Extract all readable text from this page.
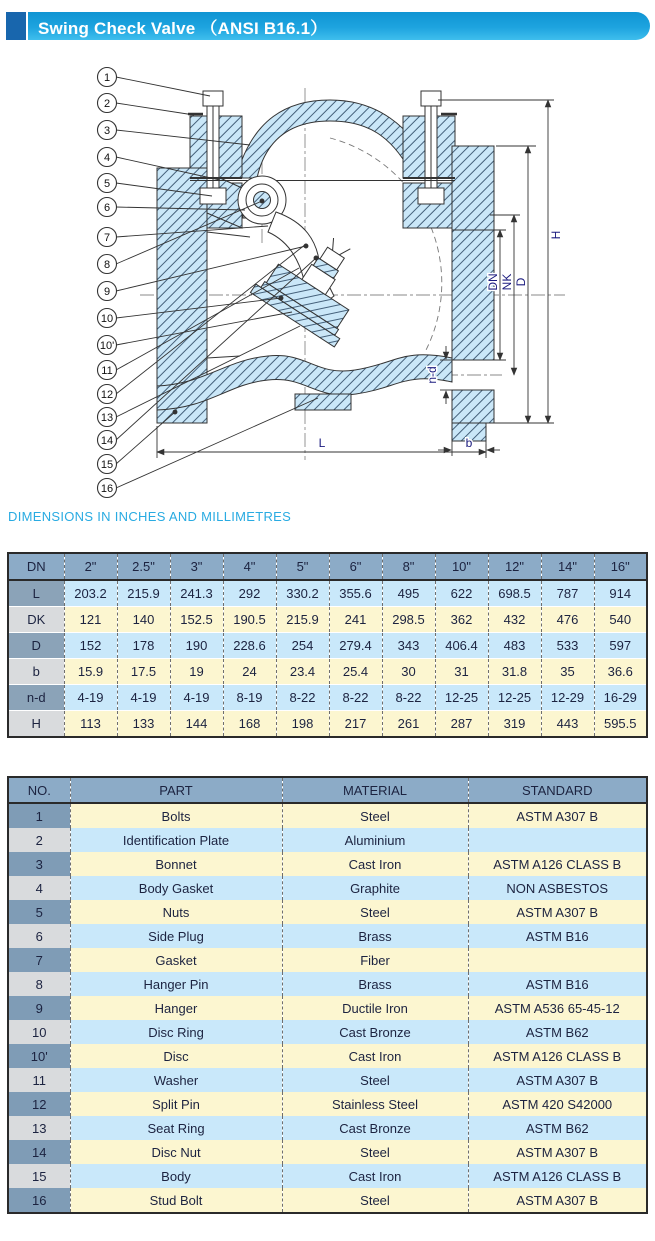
Swing Check Valve （ANSI B16.1）
H
D
NK
DN
n-d
b
L
1
2
3
4
5
6
7
8
9
10
10'
11
12
13
14
15
16
DIMENSIONS IN INCHES AND MILLIMETRES
DN	2"	2.5"	3"	4"	5"	6"	8"	10"	12"	14"	16"
L	203.2	215.9	241.3	292	330.2	355.6	495	622	698.5	787	914
DK	121	140	152.5	190.5	215.9	241	298.5	362	432	476	540
D	152	178	190	228.6	254	279.4	343	406.4	483	533	597
b	15.9	17.5	19	24	23.4	25.4	30	31	31.8	35	36.6
n-d	4-19	4-19	4-19	8-19	8-22	8-22	8-22	12-25	12-25	12-29	16-29
H	113	133	144	168	198	217	261	287	319	443	595.5
NO.	PART	MATERIAL	STANDARD
1	Bolts	Steel	ASTM A307 B
2	Identification Plate	Aluminium	
3	Bonnet	Cast Iron	ASTM A126 CLASS B
4	Body Gasket	Graphite	NON ASBESTOS
5	Nuts	Steel	ASTM A307 B
6	Side Plug	Brass	ASTM B16
7	Gasket	Fiber	
8	Hanger Pin	Brass	ASTM B16
9	Hanger	Ductile Iron	ASTM A536 65-45-12
10	Disc Ring	Cast Bronze	ASTM B62
10'	Disc	Cast Iron	ASTM A126 CLASS B
11	Washer	Steel	ASTM A307 B
12	Split Pin	Stainless Steel	ASTM 420 S42000
13	Seat Ring	Cast Bronze	ASTM B62
14	Disc Nut	Steel	ASTM A307 B
15	Body	Cast Iron	ASTM A126 CLASS B
16	Stud Bolt	Steel	ASTM A307 B
